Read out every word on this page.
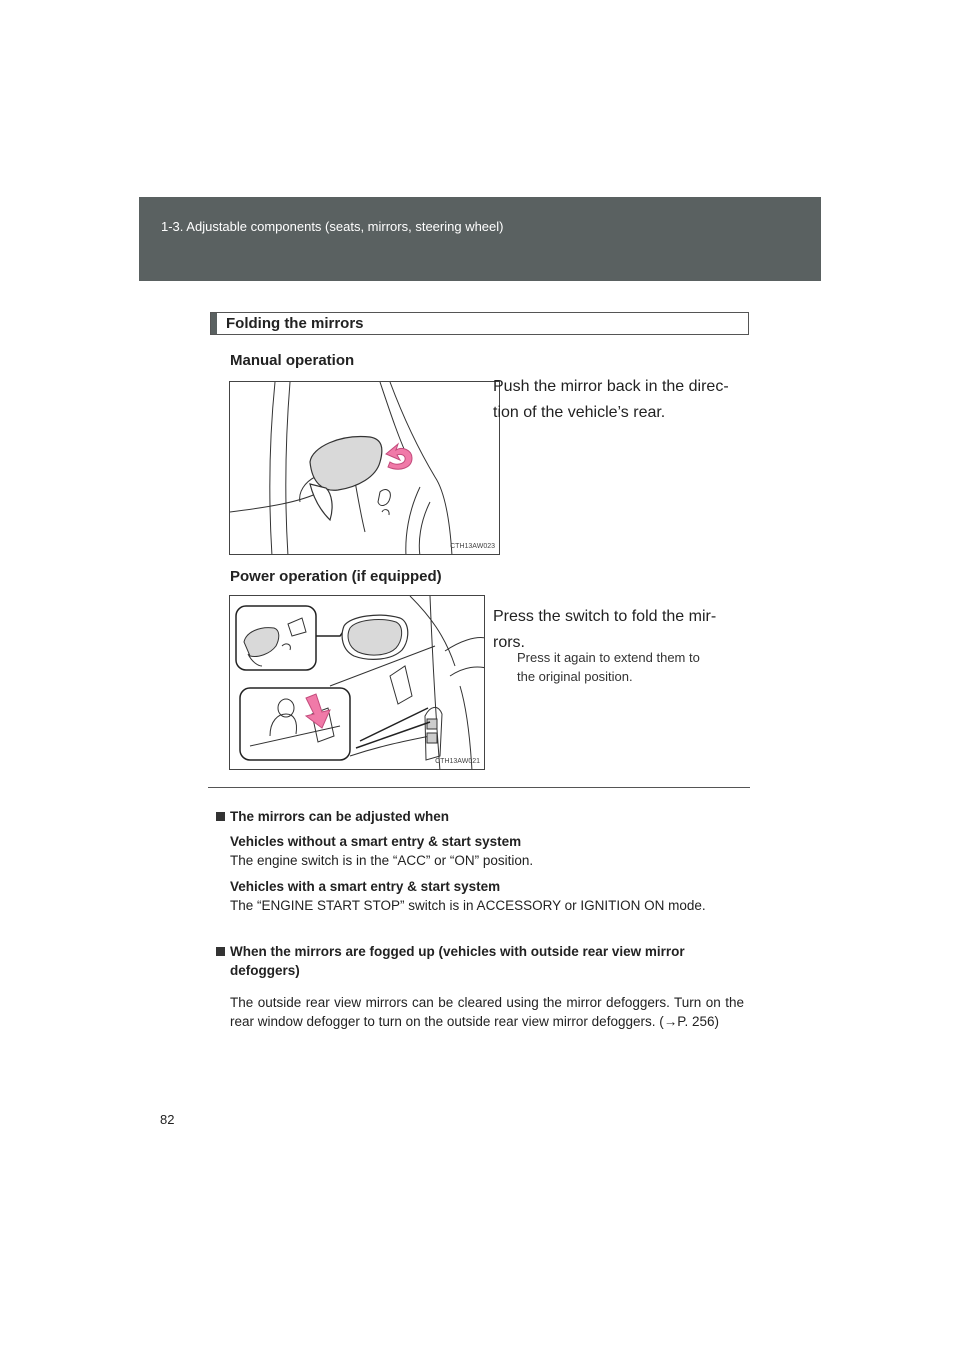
1-3. Adjustable components (seats, mirrors, steering wheel)
Folding the mirrors
Manual operation
CTH13AW023
Push the mirror back in the direc-
tion of the vehicle’s rear.
Power operation (if equipped)
CTH13AW021
Press the switch to fold the mir-
rors.
Press it again to extend them to
the original position.
The mirrors can be adjusted when
Vehicles without a smart entry & start system
The engine switch is in the “ACC” or “ON” position.
Vehicles with a smart entry & start system
The “ENGINE START STOP” switch is in ACCESSORY or IGNITION ON mode.
When the mirrors are fogged up (vehicles with outside rear view mirror defoggers)
The outside rear view mirrors can be cleared using the mirror defoggers. Turn on the rear window defogger to turn on the outside rear view mirror defoggers. (→P. 256)
82
